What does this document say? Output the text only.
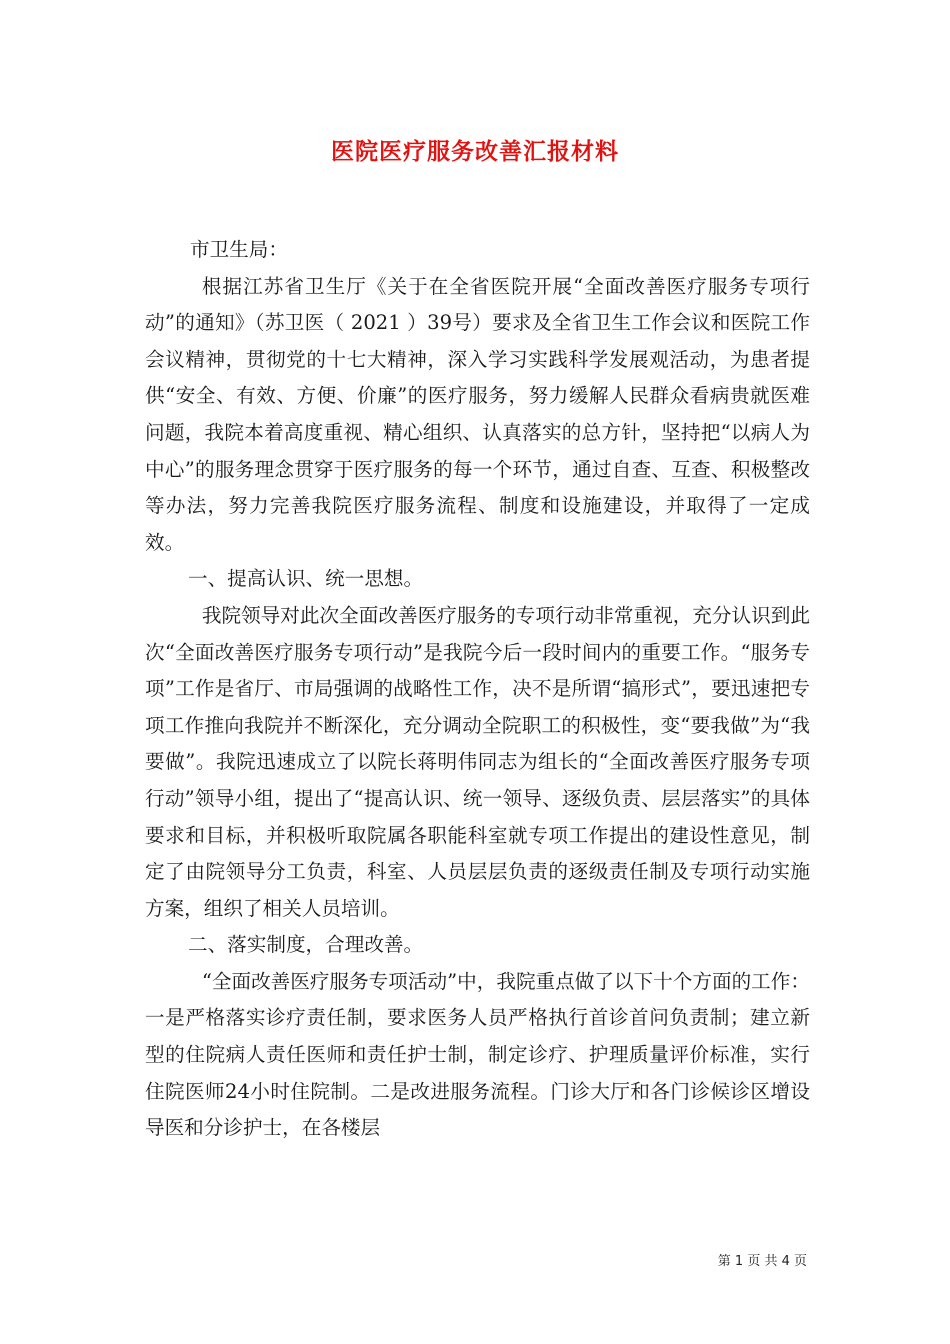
医院医疗服务改善汇报材料

市卫生局：

根据江苏省卫生厅《关于在全省医院开展“全面改善医疗服务专项行动”的通知》（苏卫医（ 2021 ）39号）要求及全省卫生工作会议和医院工作会议精神，贯彻党的十七大精神，深入学习实践科学发展观活动，为患者提供“安全、有效、方便、价廉”的医疗服务，努力缓解人民群众看病贵就医难问题，我院本着高度重视、精心组织、认真落实的总方针，坚持把“以病人为中心”的服务理念贯穿于医疗服务的每一个环节，通过自查、互查、积极整改等办法，努力完善我院医疗服务流程、制度和设施建设，并取得了一定成效。

一、提高认识、统一思想。

我院领导对此次全面改善医疗服务的专项行动非常重视，充分认识到此次“全面改善医疗服务专项行动”是我院今后一段时间内的重要工作。“服务专项”工作是省厅、市局强调的战略性工作，决不是所谓“搞形式”，要迅速把专项工作推向我院并不断深化，充分调动全院职工的积极性，变“要我做”为“我要做”。我院迅速成立了以院长蒋明伟同志为组长的“全面改善医疗服务专项行动”领导小组，提出了“提高认识、统一领导、逐级负责、层层落实”的具体要求和目标，并积极听取院属各职能科室就专项工作提出的建设性意见，制定了由院领导分工负责，科室、人员层层负责的逐级责任制及专项行动实施方案，组织了相关人员培训。

二、落实制度，合理改善。

“全面改善医疗服务专项活动”中，我院重点做了以下十个方面的工作：一是严格落实诊疗责任制，要求医务人员严格执行首诊首问负责制；建立新型的住院病人责任医师和责任护士制，制定诊疗、护理质量评价标准，实行住院医师24小时住院制。二是改进服务流程。门诊大厅和各门诊候诊区增设导医和分诊护士，在各楼层

第 1 页 共 4 页
